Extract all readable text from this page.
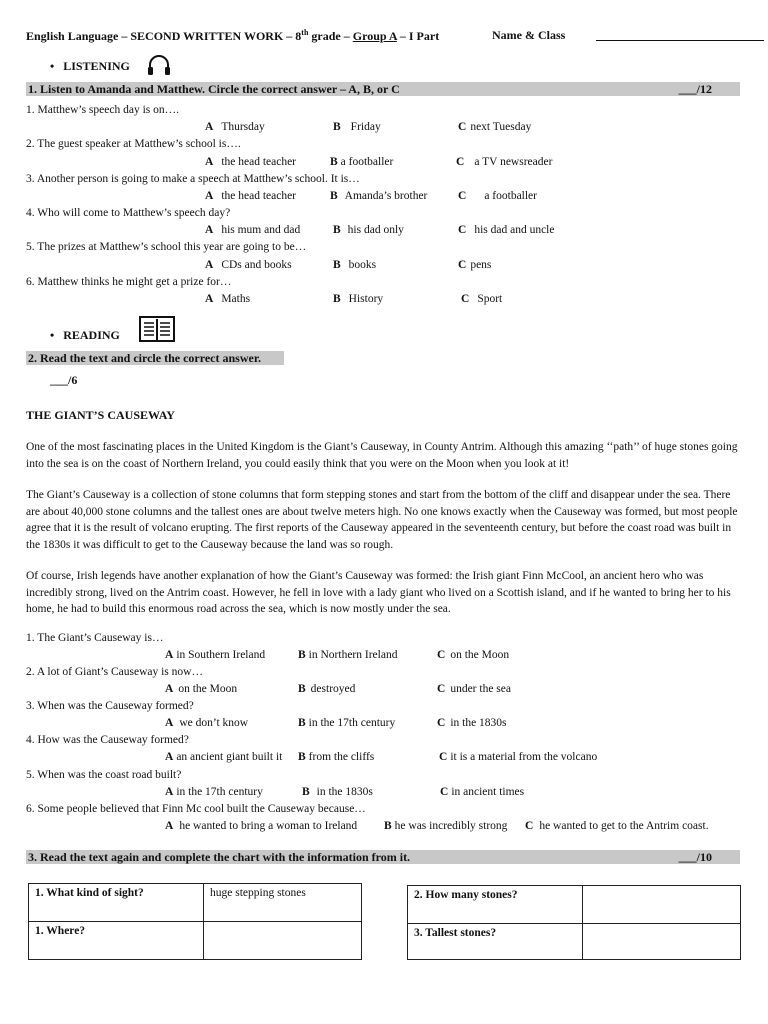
English Language – SECOND WRITTEN WORK – 8th grade – Group A – I Part	Name & Class
• LISTENING
1. Listen to Amanda and Matthew. Circle the correct answer – A, B, or C	___/12
1. Matthew’s speech day is on….
A Thursday	B Friday	C next Tuesday
2. The guest speaker at Matthew’s school is….
A the head teacher	B a footballer	C a TV newsreader
3. Another person is going to make a speech at Matthew’s school. It is…
A the head teacher	B Amanda’s brother	C a footballer
4. Who will come to Matthew’s speech day?
A his mum and dad	B his dad only	C his dad and uncle
5. The prizes at Matthew’s school this year are going to be…
A CDs and books	B books	C pens
6. Matthew thinks he might get a prize for…
A Maths	B History	C Sport
• READING
2. Read the text and circle the correct answer.
___/6
THE GIANT’S CAUSEWAY
One of the most fascinating places in the United Kingdom is the Giant’s Causeway, in County Antrim. Although this amazing ‘‘path’’ of huge stones going into the sea is on the coast of Northern Ireland, you could easily think that you were on the Moon when you look at it!
The Giant’s Causeway is a collection of stone columns that form stepping stones and start from the bottom of the cliff and disappear under the sea. There are about 40,000 stone columns and the tallest ones are about twelve meters high. No one knows exactly when the Causeway was formed, but most people agree that it is the result of volcano erupting. The first reports of the Causeway appeared in the seventeenth century, but before the coast road was built in the 1830s it was difficult to get to the Causeway because the land was so rough.
Of course, Irish legends have another explanation of how the Giant’s Causeway was formed: the Irish giant Finn McCool, an ancient hero who was incredibly strong, lived on the Antrim coast. However, he fell in love with a lady giant who lived on a Scottish island, and if he wanted to bring her to his home, he had to build this enormous road across the sea, which is now mostly under the sea.
1. The Giant’s Causeway is…
A in Southern Ireland	B in Northern Ireland	C on the Moon
2. A lot of Giant’s Causeway is now…
A on the Moon	B destroyed	C under the sea
3. When was the Causeway formed?
A we don’t know	B in the 17th century	C in the 1830s
4. How was the Causeway formed?
A an ancient giant built it B from the cliffs	C it is a material from the volcano
5. When was the coast road built?
A in the 17th century	B in the 1830s	C in ancient times
6. Some people believed that Finn Mc cool built the Causeway because…
A he wanted to bring a woman to Ireland B he was incredibly strong C he wanted to get to the Antrim coast.
3. Read the text again and complete the chart with the information from it.	___/10
1. What kind of sight?	huge stepping stones
1. Where?	
2. How many stones?	
3. Tallest stones?	
